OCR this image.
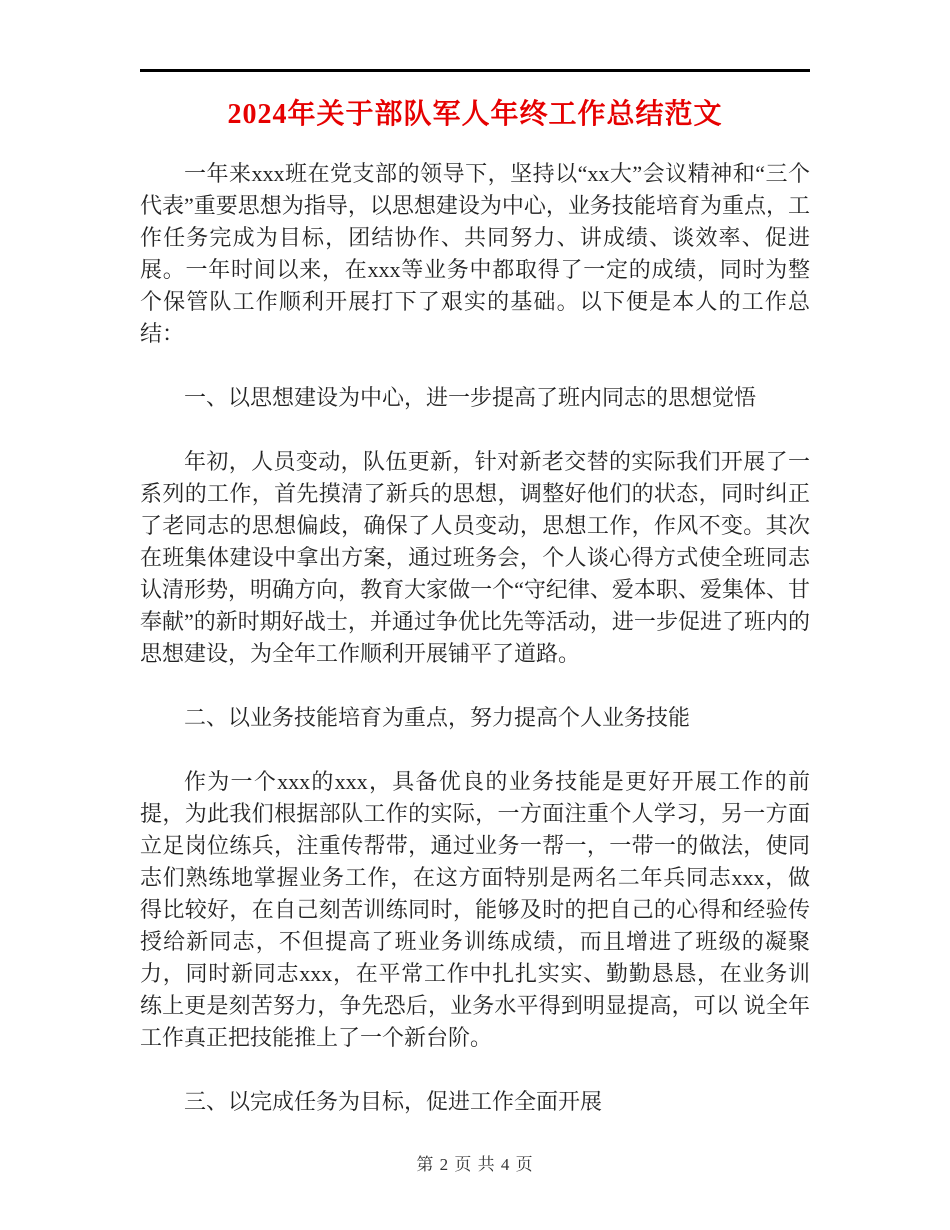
2024年关于部队军人年终工作总结范文

一年来xxx班在党支部的领导下，坚持以“xx大”会议精神和“三个代表”重要思想为指导，以思想建设为中心，业务技能培育为重点，工作任务完成为目标，团结协作、共同努力、讲成绩、谈效率、促进展。一年时间以来，在xxx等业务中都取得了一定的成绩，同时为整个保管队工作顺利开展打下了艰实的基础。以下便是本人的工作总结：

一、以思想建设为中心，进一步提高了班内同志的思想觉悟

年初，人员变动，队伍更新，针对新老交替的实际我们开展了一系列的工作，首先摸清了新兵的思想，调整好他们的状态，同时纠正了老同志的思想偏歧，确保了人员变动，思想工作，作风不变。其次在班集体建设中拿出方案，通过班务会，个人谈心得方式使全班同志认清形势，明确方向，教育大家做一个“守纪律、爱本职、爱集体、甘奉献”的新时期好战士，并通过争优比先等活动，进一步促进了班内的思想建设，为全年工作顺利开展铺平了道路。

二、以业务技能培育为重点，努力提高个人业务技能

作为一个xxx的xxx，具备优良的业务技能是更好开展工作的前提，为此我们根据部队工作的实际，一方面注重个人学习，另一方面立足岗位练兵，注重传帮带，通过业务一帮一，一带一的做法，使同志们熟练地掌握业务工作，在这方面特别是两名二年兵同志xxx，做得比较好，在自己刻苦训练同时，能够及时的把自己的心得和经验传授给新同志，不但提高了班业务训练成绩，而且增进了班级的凝聚力，同时新同志xxx，在平常工作中扎扎实实、勤勤恳恳，在业务训练上更是刻苦努力，争先恐后，业务水平得到明显提高，可以 说全年工作真正把技能推上了一个新台阶。

三、以完成任务为目标，促进工作全面开展

第 2 页 共 4 页
